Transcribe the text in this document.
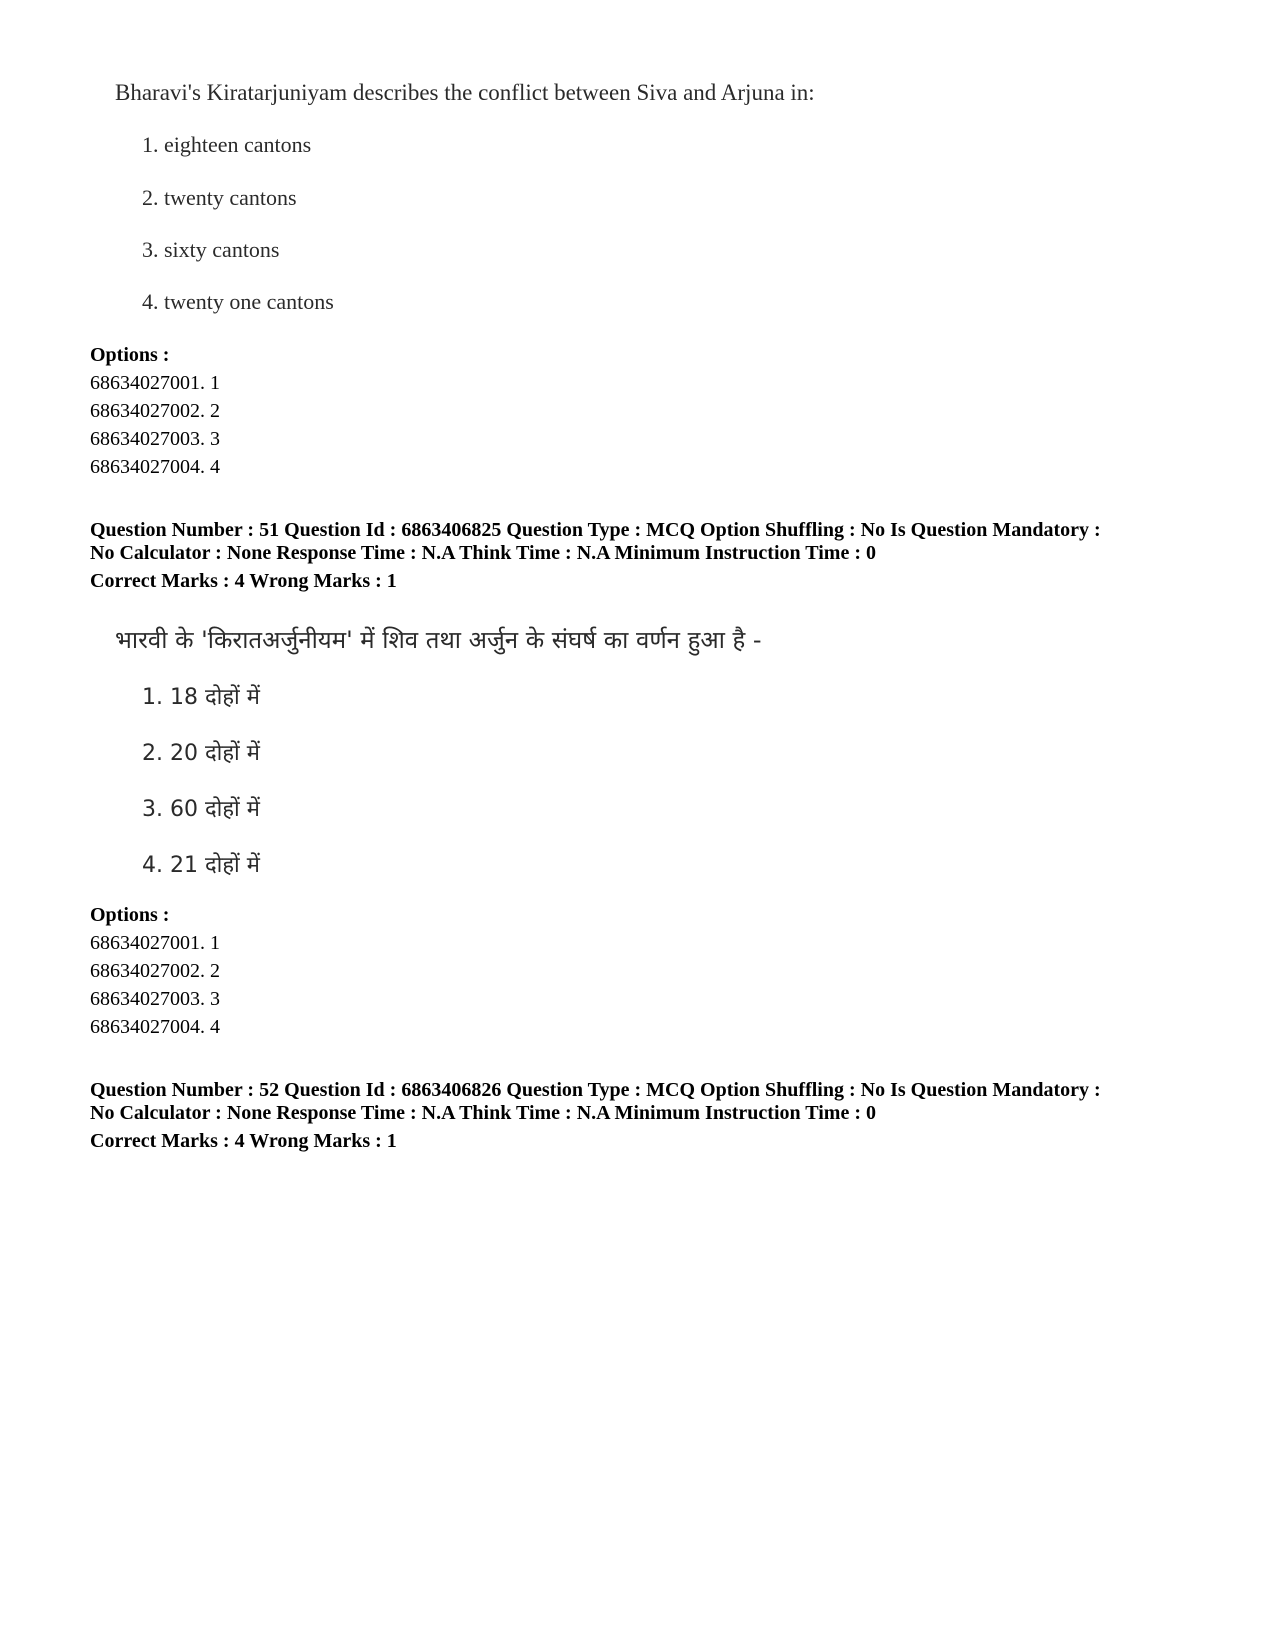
Bharavi's Kiratarjuniyam describes the conflict between Siva and Arjuna in:
1. eighteen cantons
2. twenty cantons
3. sixty cantons
4. twenty one cantons
Options :
68634027001. 1
68634027002. 2
68634027003. 3
68634027004. 4
Question Number : 51 Question Id : 6863406825 Question Type : MCQ Option Shuffling : No Is Question Mandatory :
No Calculator : None Response Time : N.A Think Time : N.A Minimum Instruction Time : 0
Correct Marks : 4 Wrong Marks : 1
भारवी के 'किरातअर्जुनीयम' में शिव तथा अर्जुन के संघर्ष का वर्णन हुआ है -
1. 18 दोहों में
2. 20 दोहों में
3. 60 दोहों में
4. 21 दोहों में
Options :
68634027001. 1
68634027002. 2
68634027003. 3
68634027004. 4
Question Number : 52 Question Id : 6863406826 Question Type : MCQ Option Shuffling : No Is Question Mandatory :
No Calculator : None Response Time : N.A Think Time : N.A Minimum Instruction Time : 0
Correct Marks : 4 Wrong Marks : 1
